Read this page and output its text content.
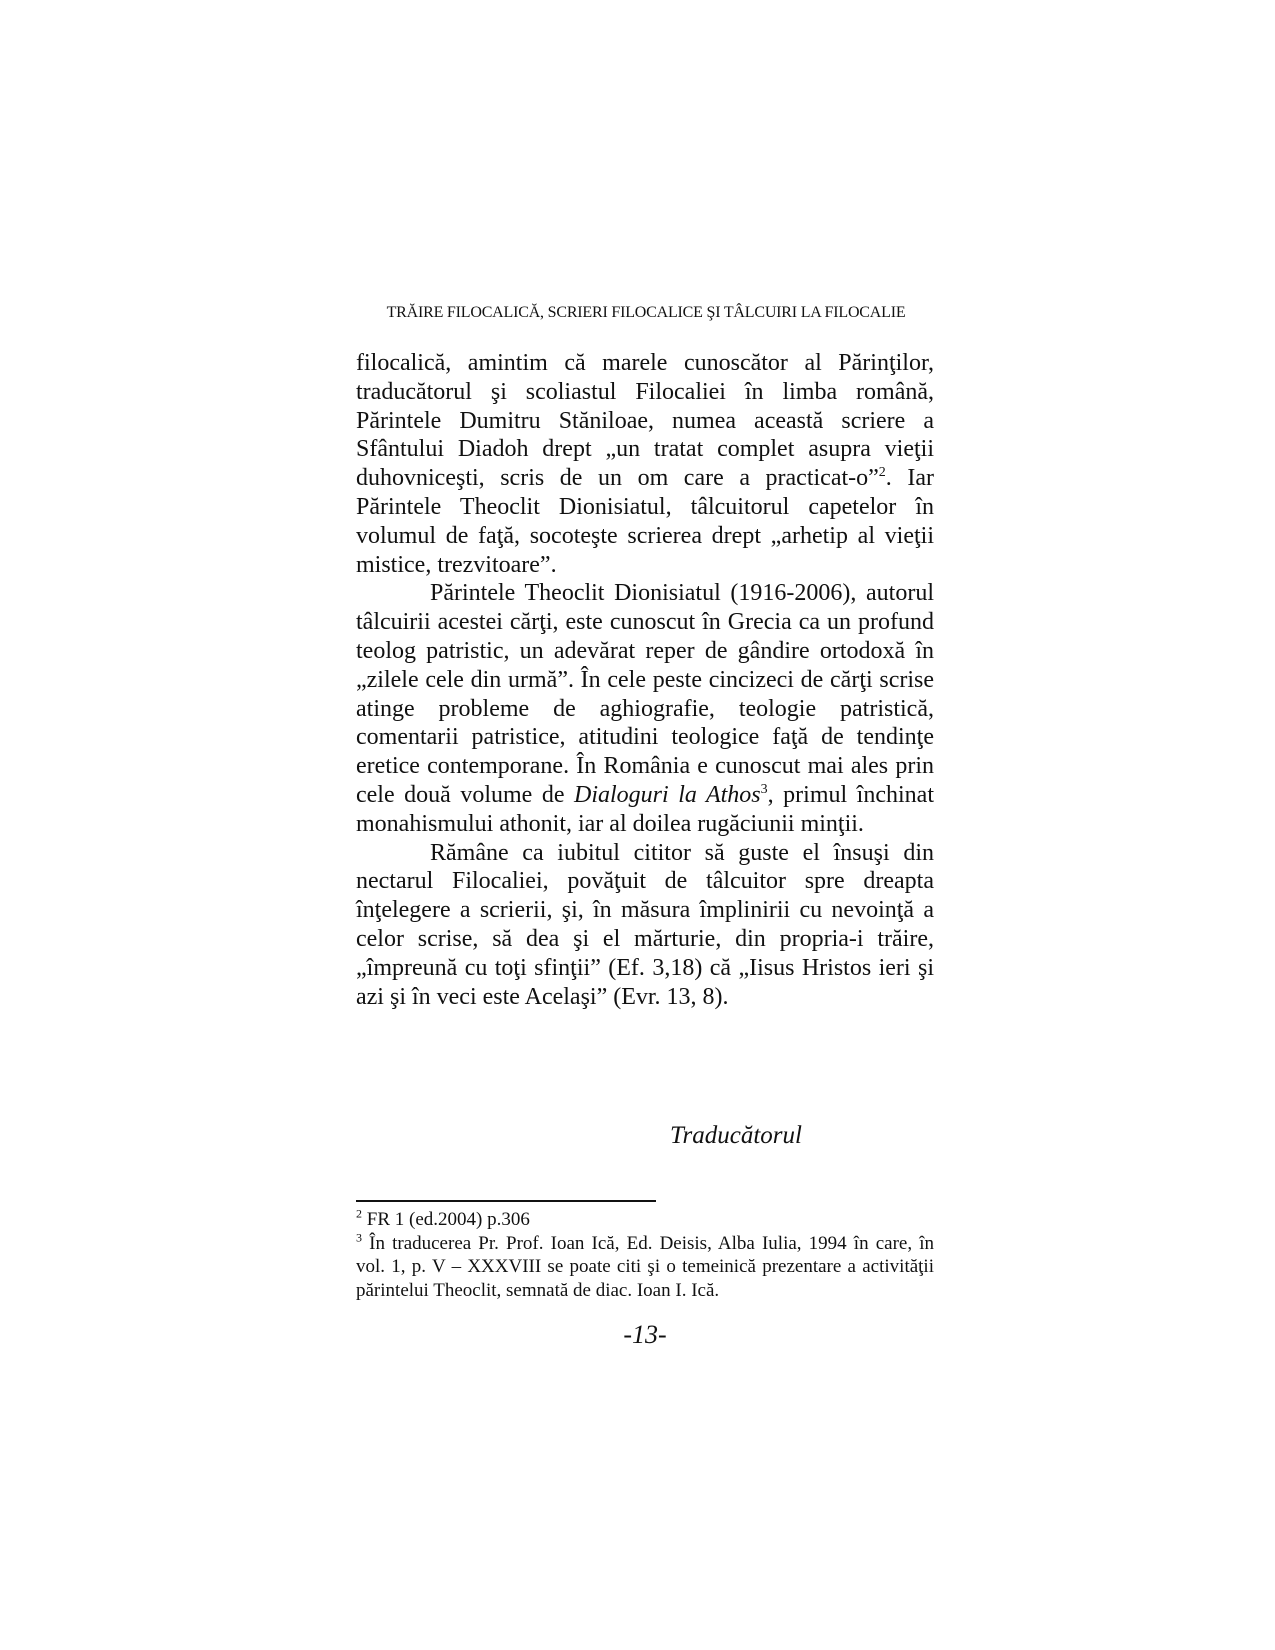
TRĂIRE FILOCALICĂ, SCRIERI FILOCALICE ŞI TÂLCUIRI LA FILOCALIE

filocalică, amintim că marele cunoscător al Părinţilor, traducătorul şi scoliastul Filocaliei în limba română, Părintele Dumitru Stăniloae, numea această scriere a Sfântului Diadoh drept „un tratat complet asupra vieţii duhovniceşti, scris de un om care a practicat-o”$^2$. Iar Părintele Theoclit Dionisiatul, tâlcuitorul capetelor în volumul de faţă, socoteşte scrierea drept „arhetip al vieţii mistice, trezvitoare”.

Părintele Theoclit Dionisiatul (1916-2006), autorul tâlcuirii acestei cărţi, este cunoscut în Grecia ca un profund teolog patristic, un adevărat reper de gândire ortodoxă în „zilele cele din urmă”. În cele peste cincizeci de cărţi scrise atinge probleme de aghiografie, teologie patristică, comentarii patristice, atitudini teologice faţă de tendinţe eretice contemporane. În România e cunoscut mai ales prin cele două volume de Dialoguri la Athos$^3$, primul închinat monahismului athonit, iar al doilea rugăciunii minţii.

Rămâne ca iubitul cititor să guste el însuşi din nectarul Filocaliei, povăţuit de tâlcuitor spre dreapta înţelegere a scrierii, şi, în măsura împlinirii cu nevoinţă a celor scrise, să dea şi el mărturie, din propria-i trăire, „împreună cu toţi sfinţii” (Ef. 3,18) că „Iisus Hristos ieri şi azi şi în veci este Acelaşi” (Evr. 13, 8).

Traducătorul

$^2$ FR 1 (ed.2004) p.306

$^3$ În traducerea Pr. Prof. Ioan Ică, Ed. Deisis, Alba Iulia, 1994 în care, în vol. 1, p. V – XXXVIII se poate citi şi o temeinică prezentare a activităţii părintelui Theoclit, semnată de diac. Ioan I. Ică.

-13-
